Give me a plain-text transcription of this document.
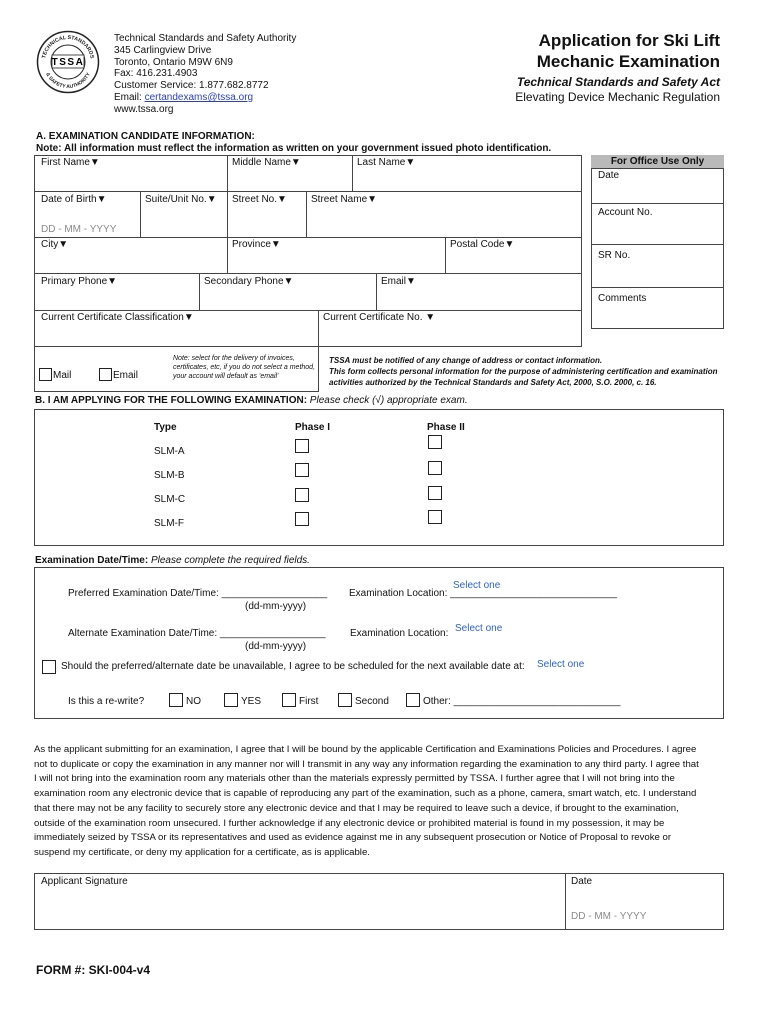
TECHNICAL STANDARDS
& SAFETY AUTHORITY
TSSA
Technical Standards and Safety Authority
345 Carlingview Drive
Toronto, Ontario M9W 6N9
Fax: 416.231.4903
Customer Service: 1.877.682.8772
Email: certandexams@tssa.org
www.tssa.org
Application for Ski Lift
Mechanic Examination
Technical Standards and Safety Act
Elevating Device Mechanic Regulation
A. EXAMINATION CANDIDATE INFORMATION:
Note: All information must reflect the information as written on your government issued photo identification.
First Name▼	Middle Name▼	Last Name▼
Date of Birth▼
DD - MM - YYYY
Suite/Unit No.▼ Street No.▼ Street Name▼
City▼	Province▼	Postal Code▼
Primary Phone▼	Secondary Phone▼	Email▼
Current Certificate Classification▼	Current Certificate No. ▼
Mail	Email
Note: select for the delivery of invoices, certificates, etc, if you do not select a method, your account will default as 'email'
TSSA must be notified of any change of address or contact information.
This form collects personal information for the purpose of administering certification and examination activities authorized by the Technical Standards and Safety Act, 2000, S.O. 2000, c. 16.
For Office Use Only
Date
Account No.
SR No.
Comments
B. I AM APPLYING FOR THE FOLLOWING EXAMINATION: Please check (√) appropriate exam.
Type	Phase I	Phase II
SLM-A
SLM-B
SLM-C
SLM-F
Examination Date/Time: Please complete the required fields.
Preferred Examination Date/Time: ___________________
(dd-mm-yyyy)
Examination Location: ______________________________
Select one
Alternate Examination Date/Time: ___________________
(dd-mm-yyyy)
Examination Location: Select one
Should the preferred/alternate date be unavailable, I agree to be scheduled for the next available date at: Select one
Is this a re-write?	NO	YES	First	Second	Other: ______________________________
As the applicant submitting for an examination, I agree that I will be bound by the applicable Certification and Examinations Policies and Procedures. I agree not to duplicate or copy the examination in any manner nor will I transmit in any way any information regarding the examination to any third party. I agree that I will not bring into the examination room any materials other than the materials expressly permitted by TSSA. I further agree that I will not bring into the examination room any electronic device that is capable of reproducing any part of the examination, such as a phone, camera, smart watch, etc. I understand that there may not be any facility to securely store any electronic device and that I may be required to leave such a device, if brought to the examination, outside of the examination room unsecured. I further acknowledge if any electronic device or prohibited material is found in my possession, it may be immediately seized by TSSA or its representatives and used as evidence against me in any subsequent prosecution or Notice of Proposal to revoke or suspend my certificate, or deny my application for a certificate, as is applicable.
Applicant Signature	Date
DD - MM - YYYY
FORM #: SKI-004-v4
